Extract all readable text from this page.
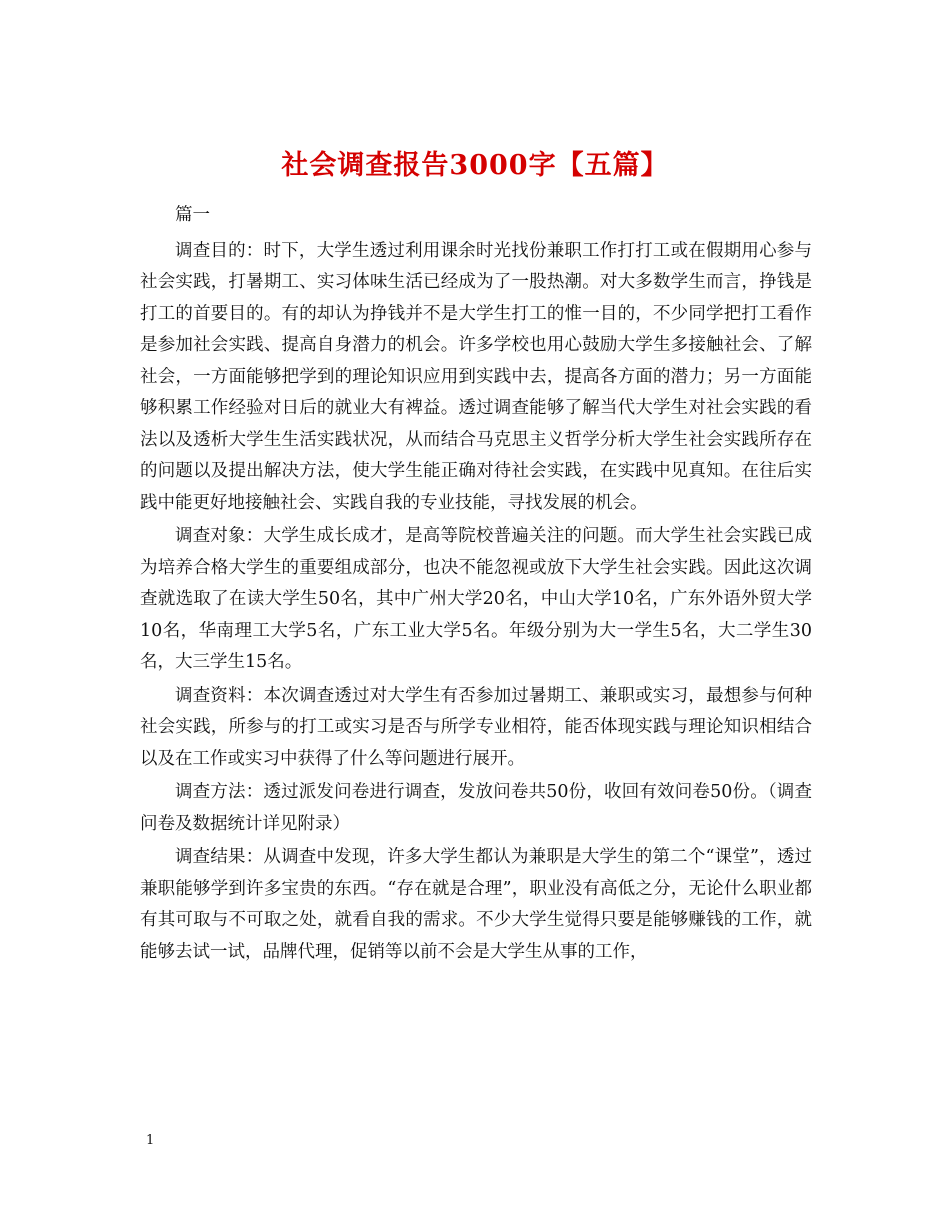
社会调查报告3000字【五篇】

篇一

调查目的：时下，大学生透过利用课余时光找份兼职工作打打工或在假期用心参与社会实践，打暑期工、实习体味生活已经成为了一股热潮。对大多数学生而言，挣钱是打工的首要目的。有的却认为挣钱并不是大学生打工的惟一目的，不少同学把打工看作是参加社会实践、提高自身潜力的机会。许多学校也用心鼓励大学生多接触社会、了解社会，一方面能够把学到的理论知识应用到实践中去，提高各方面的潜力；另一方面能够积累工作经验对日后的就业大有裨益。透过调查能够了解当代大学生对社会实践的看法以及透析大学生生活实践状况，从而结合马克思主义哲学分析大学生社会实践所存在的问题以及提出解决方法，使大学生能正确对待社会实践，在实践中见真知。在往后实践中能更好地接触社会、实践自我的专业技能，寻找发展的机会。

调查对象：大学生成长成才，是高等院校普遍关注的问题。而大学生社会实践已成为培养合格大学生的重要组成部分，也决不能忽视或放下大学生社会实践。因此这次调查就选取了在读大学生50名，其中广州大学20名，中山大学10名，广东外语外贸大学10名，华南理工大学5名，广东工业大学5名。年级分别为大一学生5名，大二学生30名，大三学生15名。

调查资料：本次调查透过对大学生有否参加过暑期工、兼职或实习，最想参与何种社会实践，所参与的打工或实习是否与所学专业相符，能否体现实践与理论知识相结合以及在工作或实习中获得了什么等问题进行展开。

调查方法：透过派发问卷进行调查，发放问卷共50份，收回有效问卷50份。（调查问卷及数据统计详见附录）

调查结果：从调查中发现，许多大学生都认为兼职是大学生的第二个“课堂”，透过兼职能够学到许多宝贵的东西。“存在就是合理”，职业没有高低之分，无论什么职业都有其可取与不可取之处，就看自我的需求。不少大学生觉得只要是能够赚钱的工作，就能够去试一试，品牌代理，促销等以前不会是大学生从事的工作，

1
